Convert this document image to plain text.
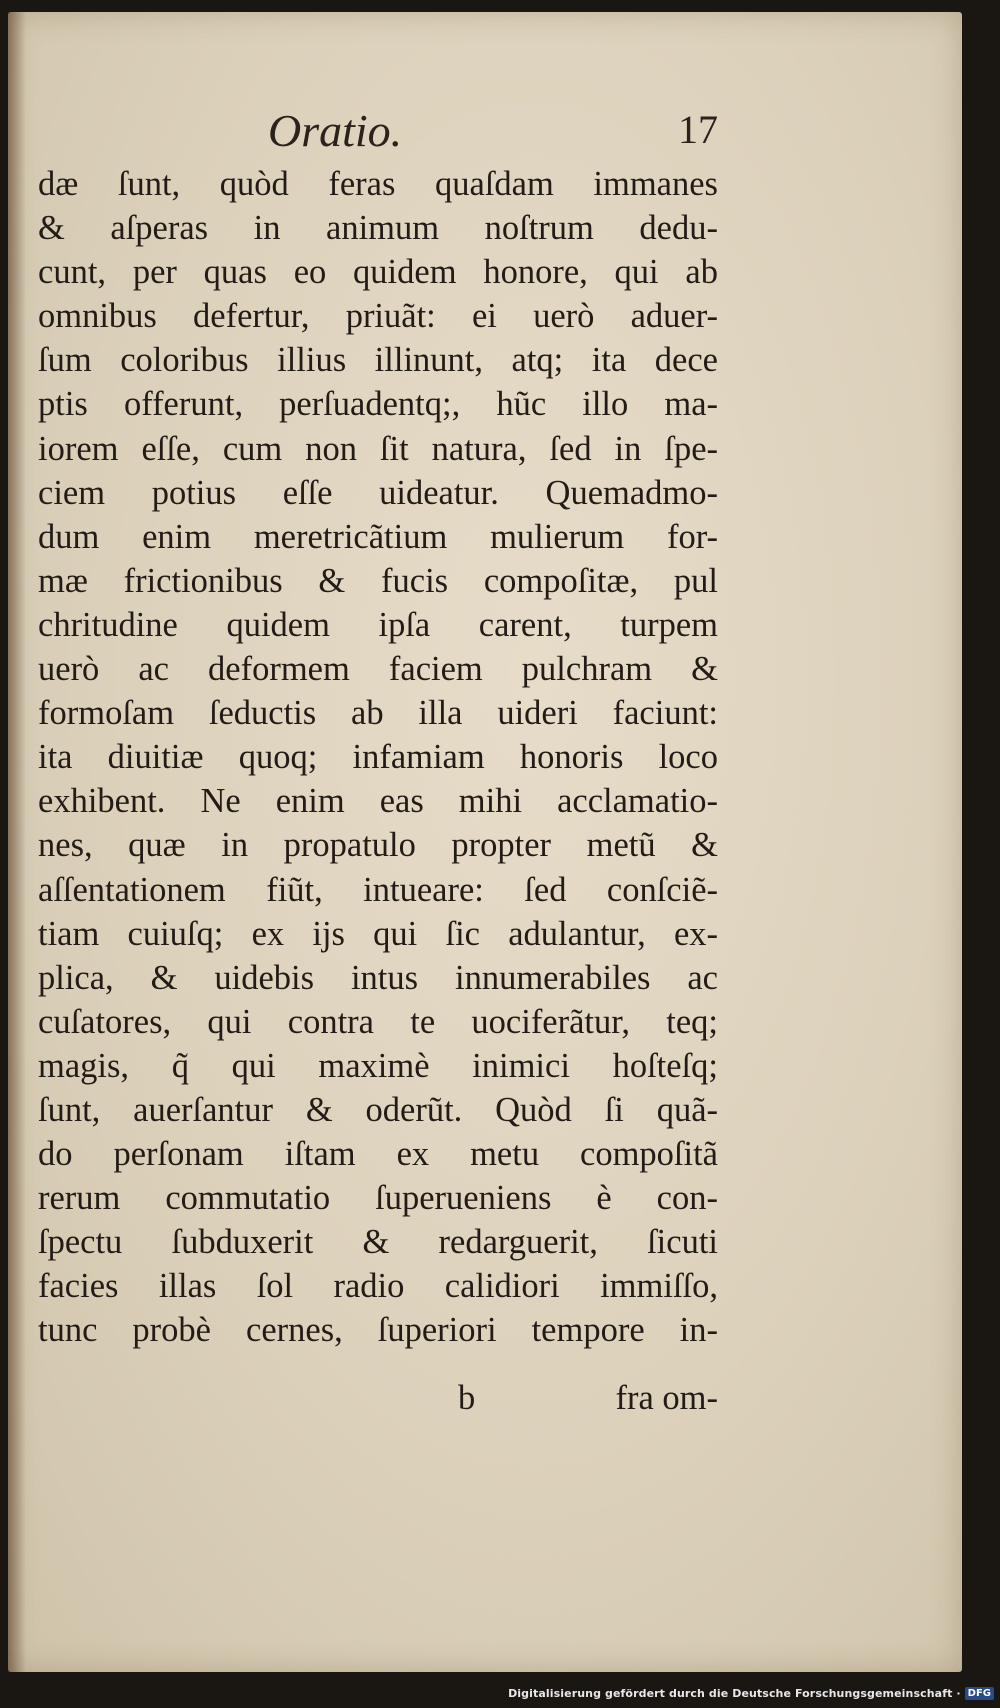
Oratio.	17
dæ ſunt, quòd feras quaſdam immanes
& aſperas in animum noſtrum dedu-
cunt, per quas eo quidem honore, qui ab
omnibus defertur, priuãt: ei uerò aduer-
ſum coloribus illius illinunt, atq; ita dece
ptis offerunt, perſuadentq;, hũc illo ma-
iorem eſſe, cum non ſit natura, ſed in ſpe-
ciem potius eſſe uideatur. Quemadmo-
dum enim meretricãtium mulierum for-
mæ frictionibus & fucis compoſitæ, pul
chritudine quidem ipſa carent, turpem
uerò ac deformem faciem pulchram &
formoſam ſeductis ab illa uideri faciunt:
ita diuitiæ quoq; infamiam honoris loco
exhibent. Ne enim eas mihi acclamatio-
nes, quæ in propatulo propter metũ &
aſſentationem fiũt, intueare: ſed conſciẽ-
tiam cuiuſq; ex ijs qui ſic adulantur, ex-
plica, & uidebis intus innumerabiles ac
cuſatores, qui contra te uociferãtur, teq;
magis, q̃ qui maximè inimici hoſteſq;
ſunt, auerſantur & oderũt. Quòd ſi quã-
do perſonam iſtam ex metu compoſitã
rerum commutatio ſuperueniens è con-
ſpectu ſubduxerit & redarguerit, ſicuti
facies illas ſol radio calidiori immiſſo,
tunc probè cernes, ſuperiori tempore in-
b	fra om-
Digitalisierung gefördert durch die Deutsche Forschungsgemeinschaft · DFG
